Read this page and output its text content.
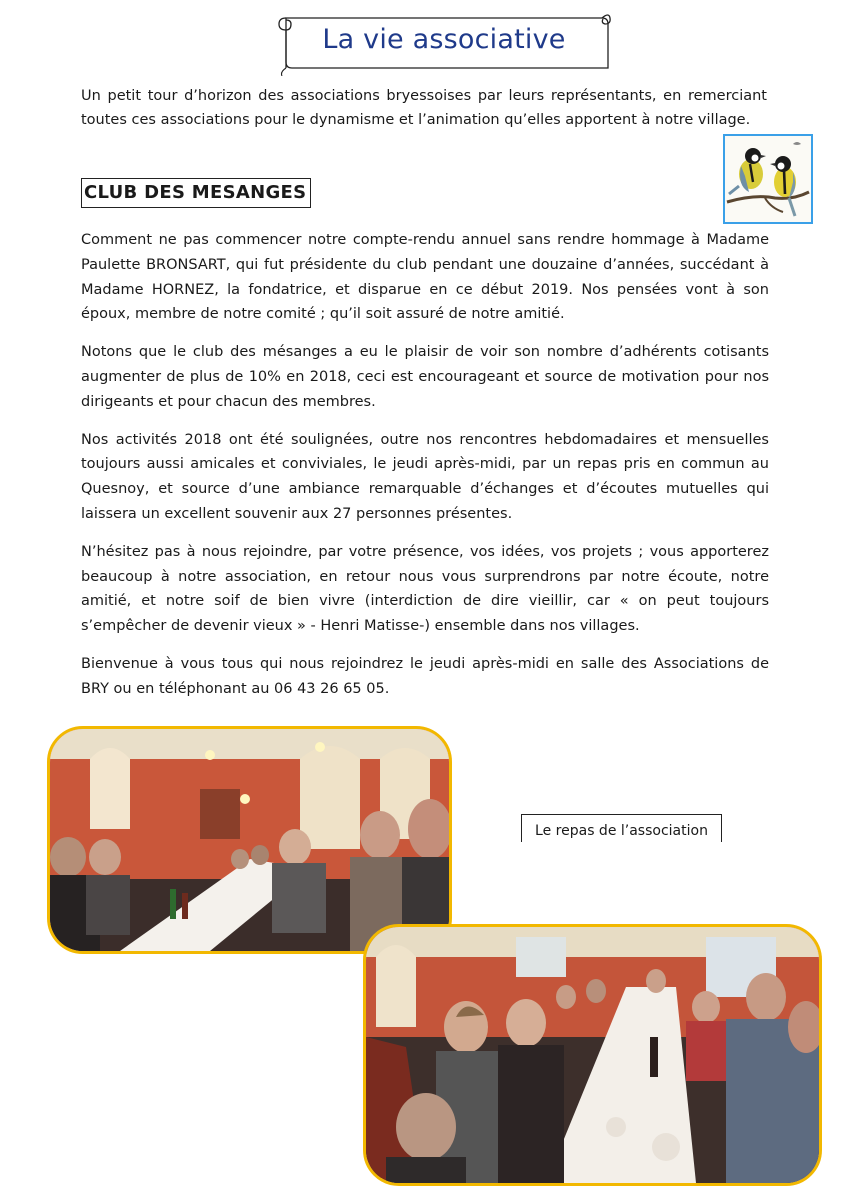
La vie associative

Un petit tour d’horizon des associations bryessoises par leurs représentants, en remerciant toutes ces associations pour le dynamisme et l’animation qu’elles apportent à notre village.

CLUB DES MESANGES

Comment ne pas commencer notre compte-rendu annuel sans rendre hommage à Madame Paulette BRONSART, qui fut présidente du club pendant une douzaine d’années, succédant à Madame HORNEZ, la fondatrice, et disparue en ce début 2019. Nos pensées vont à son époux, membre de notre comité ; qu’il soit assuré de notre amitié.

Notons que le club des mésanges a eu le plaisir de voir son nombre d’adhérents cotisants augmenter de plus de 10% en 2018, ceci est encourageant et source de motivation pour nos dirigeants et pour chacun des membres.

Nos activités 2018 ont été soulignées, outre nos rencontres hebdomadaires et mensuelles toujours aussi amicales et conviviales, le jeudi après-midi, par un repas pris en commun au Quesnoy, et source d’une ambiance remarquable d’échanges et d’écoutes mutuelles qui laissera un excellent souvenir aux 27 personnes présentes.

N’hésitez pas à nous rejoindre, par votre présence, vos idées, vos projets ; vous apporterez beaucoup à notre association, en retour nous vous surprendrons par notre écoute, notre amitié, et notre soif de bien vivre (interdiction de dire vieillir, car « on peut toujours s’empêcher de devenir vieux » - Henri Matisse-) ensemble dans nos villages.

Bienvenue à vous tous qui nous rejoindrez le jeudi après-midi en salle des Associations de BRY ou en téléphonant au 06 43 26 65 05.

Le repas de l’association
